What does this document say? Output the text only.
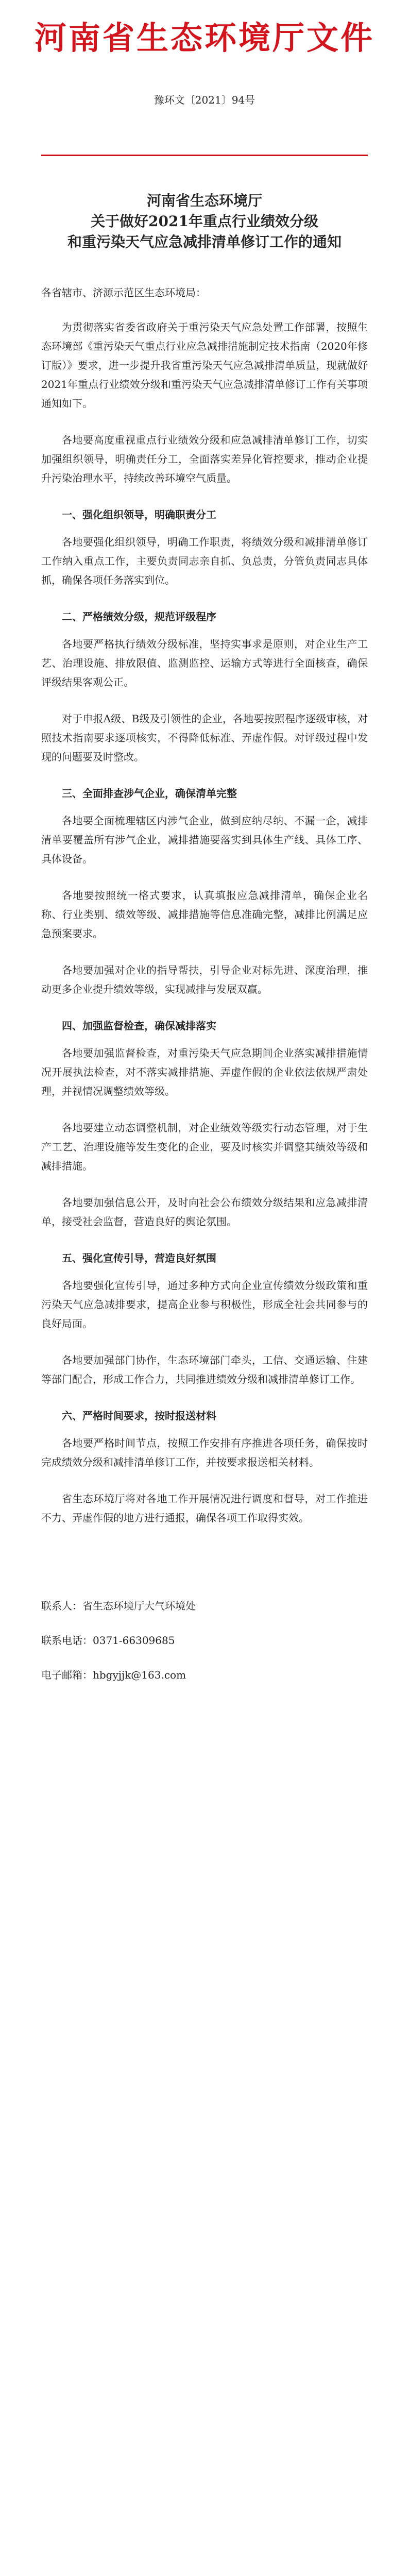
河南省生态环境厅文件
豫环文〔2021〕94号
河南省生态环境厅
关于做好2021年重点行业绩效分级
和重污染天气应急减排清单修订工作的通知

各省辖市、济源示范区生态环境局：

为贯彻落实省委省政府关于重污染天气应急处置工作部署，按照生态环境部《重污染天气重点行业应急减排措施制定技术指南（2020年修订版）》要求，进一步提升我省重污染天气应急减排清单质量，现就做好2021年重点行业绩效分级和重污染天气应急减排清单修订工作有关事项通知如下。

各地要高度重视重点行业绩效分级和应急减排清单修订工作，切实加强组织领导，明确责任分工，全面落实差异化管控要求，推动企业提升污染治理水平，持续改善环境空气质量。

一、强化组织领导，明确职责分工

各地要强化组织领导，明确工作职责，将绩效分级和减排清单修订工作纳入重点工作，主要负责同志亲自抓、负总责，分管负责同志具体抓，确保各项任务落实到位。

二、严格绩效分级，规范评级程序

各地要严格执行绩效分级标准，坚持实事求是原则，对企业生产工艺、治理设施、排放限值、监测监控、运输方式等进行全面核查，确保评级结果客观公正。

对于申报A级、B级及引领性的企业，各地要按照程序逐级审核，对照技术指南要求逐项核实，不得降低标准、弄虚作假。对评级过程中发现的问题要及时整改。

三、全面排查涉气企业，确保清单完整

各地要全面梳理辖区内涉气企业，做到应纳尽纳、不漏一企，减排清单要覆盖所有涉气企业，减排措施要落实到具体生产线、具体工序、具体设备。

各地要按照统一格式要求，认真填报应急减排清单，确保企业名称、行业类别、绩效等级、减排措施等信息准确完整，减排比例满足应急预案要求。

各地要加强对企业的指导帮扶，引导企业对标先进、深度治理，推动更多企业提升绩效等级，实现减排与发展双赢。

四、加强监督检查，确保减排落实

各地要加强监督检查，对重污染天气应急期间企业落实减排措施情况开展执法检查，对不落实减排措施、弄虚作假的企业依法依规严肃处理，并视情况调整绩效等级。

各地要建立动态调整机制，对企业绩效等级实行动态管理，对于生产工艺、治理设施等发生变化的企业，要及时核实并调整其绩效等级和减排措施。

各地要加强信息公开，及时向社会公布绩效分级结果和应急减排清单，接受社会监督，营造良好的舆论氛围。

五、强化宣传引导，营造良好氛围

各地要强化宣传引导，通过多种方式向企业宣传绩效分级政策和重污染天气应急减排要求，提高企业参与积极性，形成全社会共同参与的良好局面。

各地要加强部门协作，生态环境部门牵头，工信、交通运输、住建等部门配合，形成工作合力，共同推进绩效分级和减排清单修订工作。

六、严格时间要求，按时报送材料

各地要严格时间节点，按照工作安排有序推进各项任务，确保按时完成绩效分级和减排清单修订工作，并按要求报送相关材料。

省生态环境厅将对各地工作开展情况进行调度和督导，对工作推进不力、弄虚作假的地方进行通报，确保各项工作取得实效。

联系人：省生态环境厅大气环境处

联系电话：0371-66309685

电子邮箱：hbgyjjk@163.com
